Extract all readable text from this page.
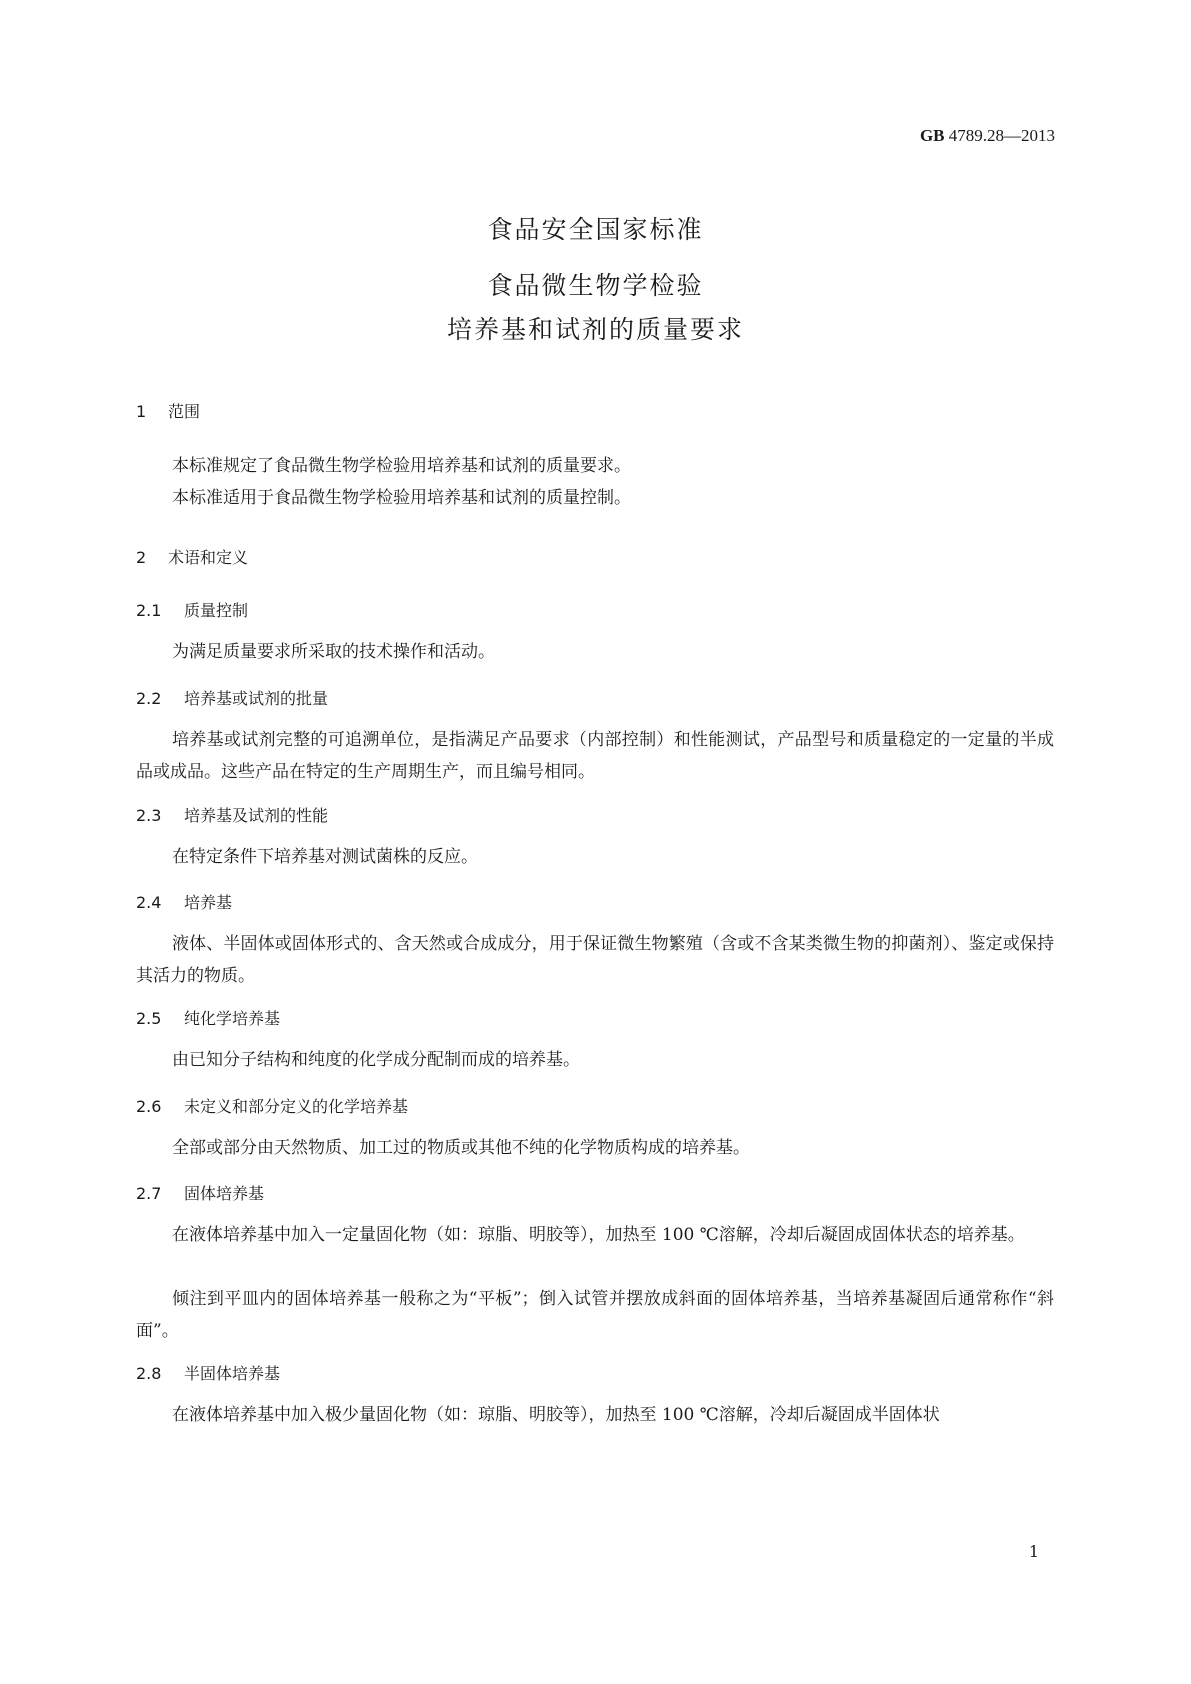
GB 4789.28—2013
食品安全国家标准
食品微生物学检验
培养基和试剂的质量要求
1 范围
本标准规定了食品微生物学检验用培养基和试剂的质量要求。
本标准适用于食品微生物学检验用培养基和试剂的质量控制。
2 术语和定义
2.1 质量控制
为满足质量要求所采取的技术操作和活动。
2.2 培养基或试剂的批量
培养基或试剂完整的可追溯单位，是指满足产品要求（内部控制）和性能测试，产品型号和质量稳定的一定量的半成品或成品。这些产品在特定的生产周期生产，而且编号相同。
2.3 培养基及试剂的性能
在特定条件下培养基对测试菌株的反应。
2.4 培养基
液体、半固体或固体形式的、含天然或合成成分，用于保证微生物繁殖（含或不含某类微生物的抑菌剂）、鉴定或保持其活力的物质。
2.5 纯化学培养基
由已知分子结构和纯度的化学成分配制而成的培养基。
2.6 未定义和部分定义的化学培养基
全部或部分由天然物质、加工过的物质或其他不纯的化学物质构成的培养基。
2.7 固体培养基
在液体培养基中加入一定量固化物（如：琼脂、明胶等），加热至 100 ℃溶解，冷却后凝固成固体状态的培养基。
倾注到平皿内的固体培养基一般称之为“平板”；倒入试管并摆放成斜面的固体培养基，当培养基凝固后通常称作“斜面”。
2.8 半固体培养基
在液体培养基中加入极少量固化物（如：琼脂、明胶等），加热至 100 ℃溶解，冷却后凝固成半固体状
1
